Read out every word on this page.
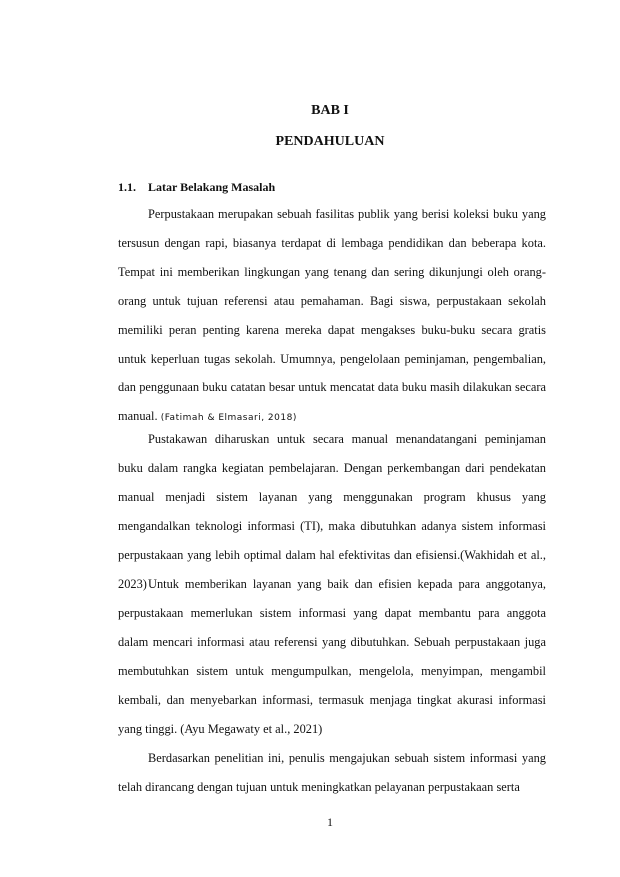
BAB I
PENDAHULUAN
1.1. Latar Belakang Masalah

Perpustakaan merupakan sebuah fasilitas publik yang berisi koleksi buku yang tersusun dengan rapi, biasanya terdapat di lembaga pendidikan dan beberapa kota. Tempat ini memberikan lingkungan yang tenang dan sering dikunjungi oleh orang-orang untuk tujuan referensi atau pemahaman. Bagi siswa, perpustakaan sekolah memiliki peran penting karena mereka dapat mengakses buku-buku secara gratis untuk keperluan tugas sekolah. Umumnya, pengelolaan peminjaman, pengembalian, dan penggunaan buku catatan besar untuk mencatat data buku masih dilakukan secara manual. (Fatimah & Elmasari, 2018)

Pustakawan diharuskan untuk secara manual menandatangani peminjaman buku dalam rangka kegiatan pembelajaran. Dengan perkembangan dari pendekatan manual menjadi sistem layanan yang menggunakan program khusus yang mengandalkan teknologi informasi (TI), maka dibutuhkan adanya sistem informasi perpustakaan yang lebih optimal dalam hal efektivitas dan efisiensi.(Wakhidah et al., 2023) Untuk memberikan layanan yang baik dan efisien kepada para anggotanya, perpustakaan memerlukan sistem informasi yang dapat membantu para anggota dalam mencari informasi atau referensi yang dibutuhkan. Sebuah perpustakaan juga membutuhkan sistem untuk mengumpulkan, mengelola, menyimpan, mengambil kembali, dan menyebarkan informasi, termasuk menjaga tingkat akurasi informasi yang tinggi. (Ayu Megawaty et al., 2021)

Berdasarkan penelitian ini, penulis mengajukan sebuah sistem informasi yang telah dirancang dengan tujuan untuk meningkatkan pelayanan perpustakaan serta

1
